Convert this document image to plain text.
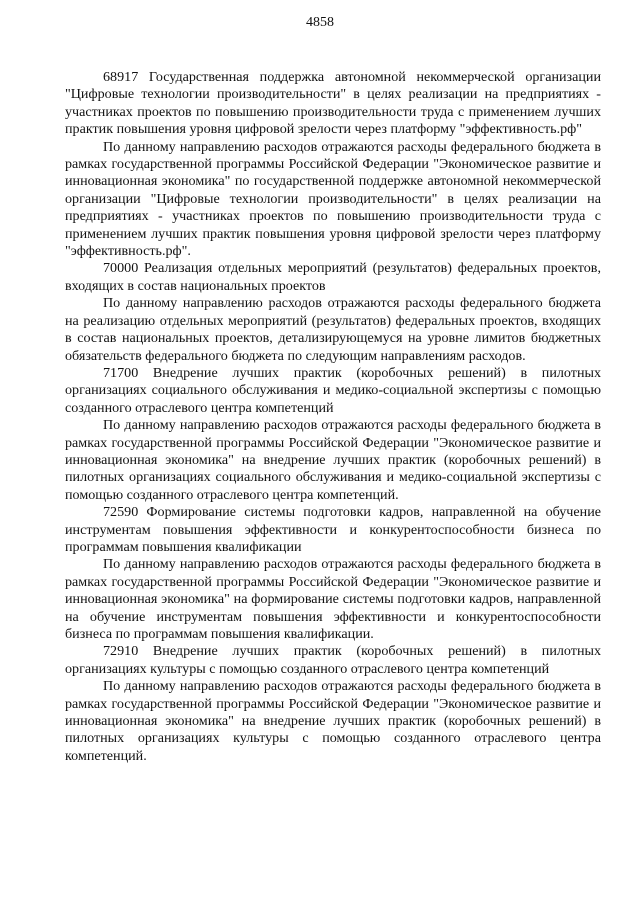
4858

68917 Государственная поддержка автономной некоммерческой организации "Цифровые технологии производительности" в целях реализации на предприятиях - участниках проектов по повышению производительности труда с применением лучших практик повышения уровня цифровой зрелости через платформу "эффективность.рф"

По данному направлению расходов отражаются расходы федерального бюджета в рамках государственной программы Российской Федерации "Экономическое развитие и инновационная экономика" по государственной поддержке автономной некоммерческой организации "Цифровые технологии производительности" в целях реализации на предприятиях - участниках проектов по повышению производительности труда с применением лучших практик повышения уровня цифровой зрелости через платформу "эффективность.рф".

70000 Реализация отдельных мероприятий (результатов) федеральных проектов, входящих в состав национальных проектов

По данному направлению расходов отражаются расходы федерального бюджета на реализацию отдельных мероприятий (результатов) федеральных проектов, входящих в состав национальных проектов, детализирующемуся на уровне лимитов бюджетных обязательств федерального бюджета по следующим направлениям расходов.

71700 Внедрение лучших практик (коробочных решений) в пилотных организациях социального обслуживания и медико-социальной экспертизы с помощью созданного отраслевого центра компетенций

По данному направлению расходов отражаются расходы федерального бюджета в рамках государственной программы Российской Федерации "Экономическое развитие и инновационная экономика" на внедрение лучших практик (коробочных решений) в пилотных организациях социального обслуживания и медико-социальной экспертизы с помощью созданного отраслевого центра компетенций.

72590 Формирование системы подготовки кадров, направленной на обучение инструментам повышения эффективности и конкурентоспособности бизнеса по программам повышения квалификации

По данному направлению расходов отражаются расходы федерального бюджета в рамках государственной программы Российской Федерации "Экономическое развитие и инновационная экономика" на формирование системы подготовки кадров, направленной на обучение инструментам повышения эффективности и конкурентоспособности бизнеса по программам повышения квалификации.

72910 Внедрение лучших практик (коробочных решений) в пилотных организациях культуры с помощью созданного отраслевого центра компетенций

По данному направлению расходов отражаются расходы федерального бюджета в рамках государственной программы Российской Федерации "Экономическое развитие и инновационная экономика" на внедрение лучших практик (коробочных решений) в пилотных организациях культуры с помощью созданного отраслевого центра компетенций.
